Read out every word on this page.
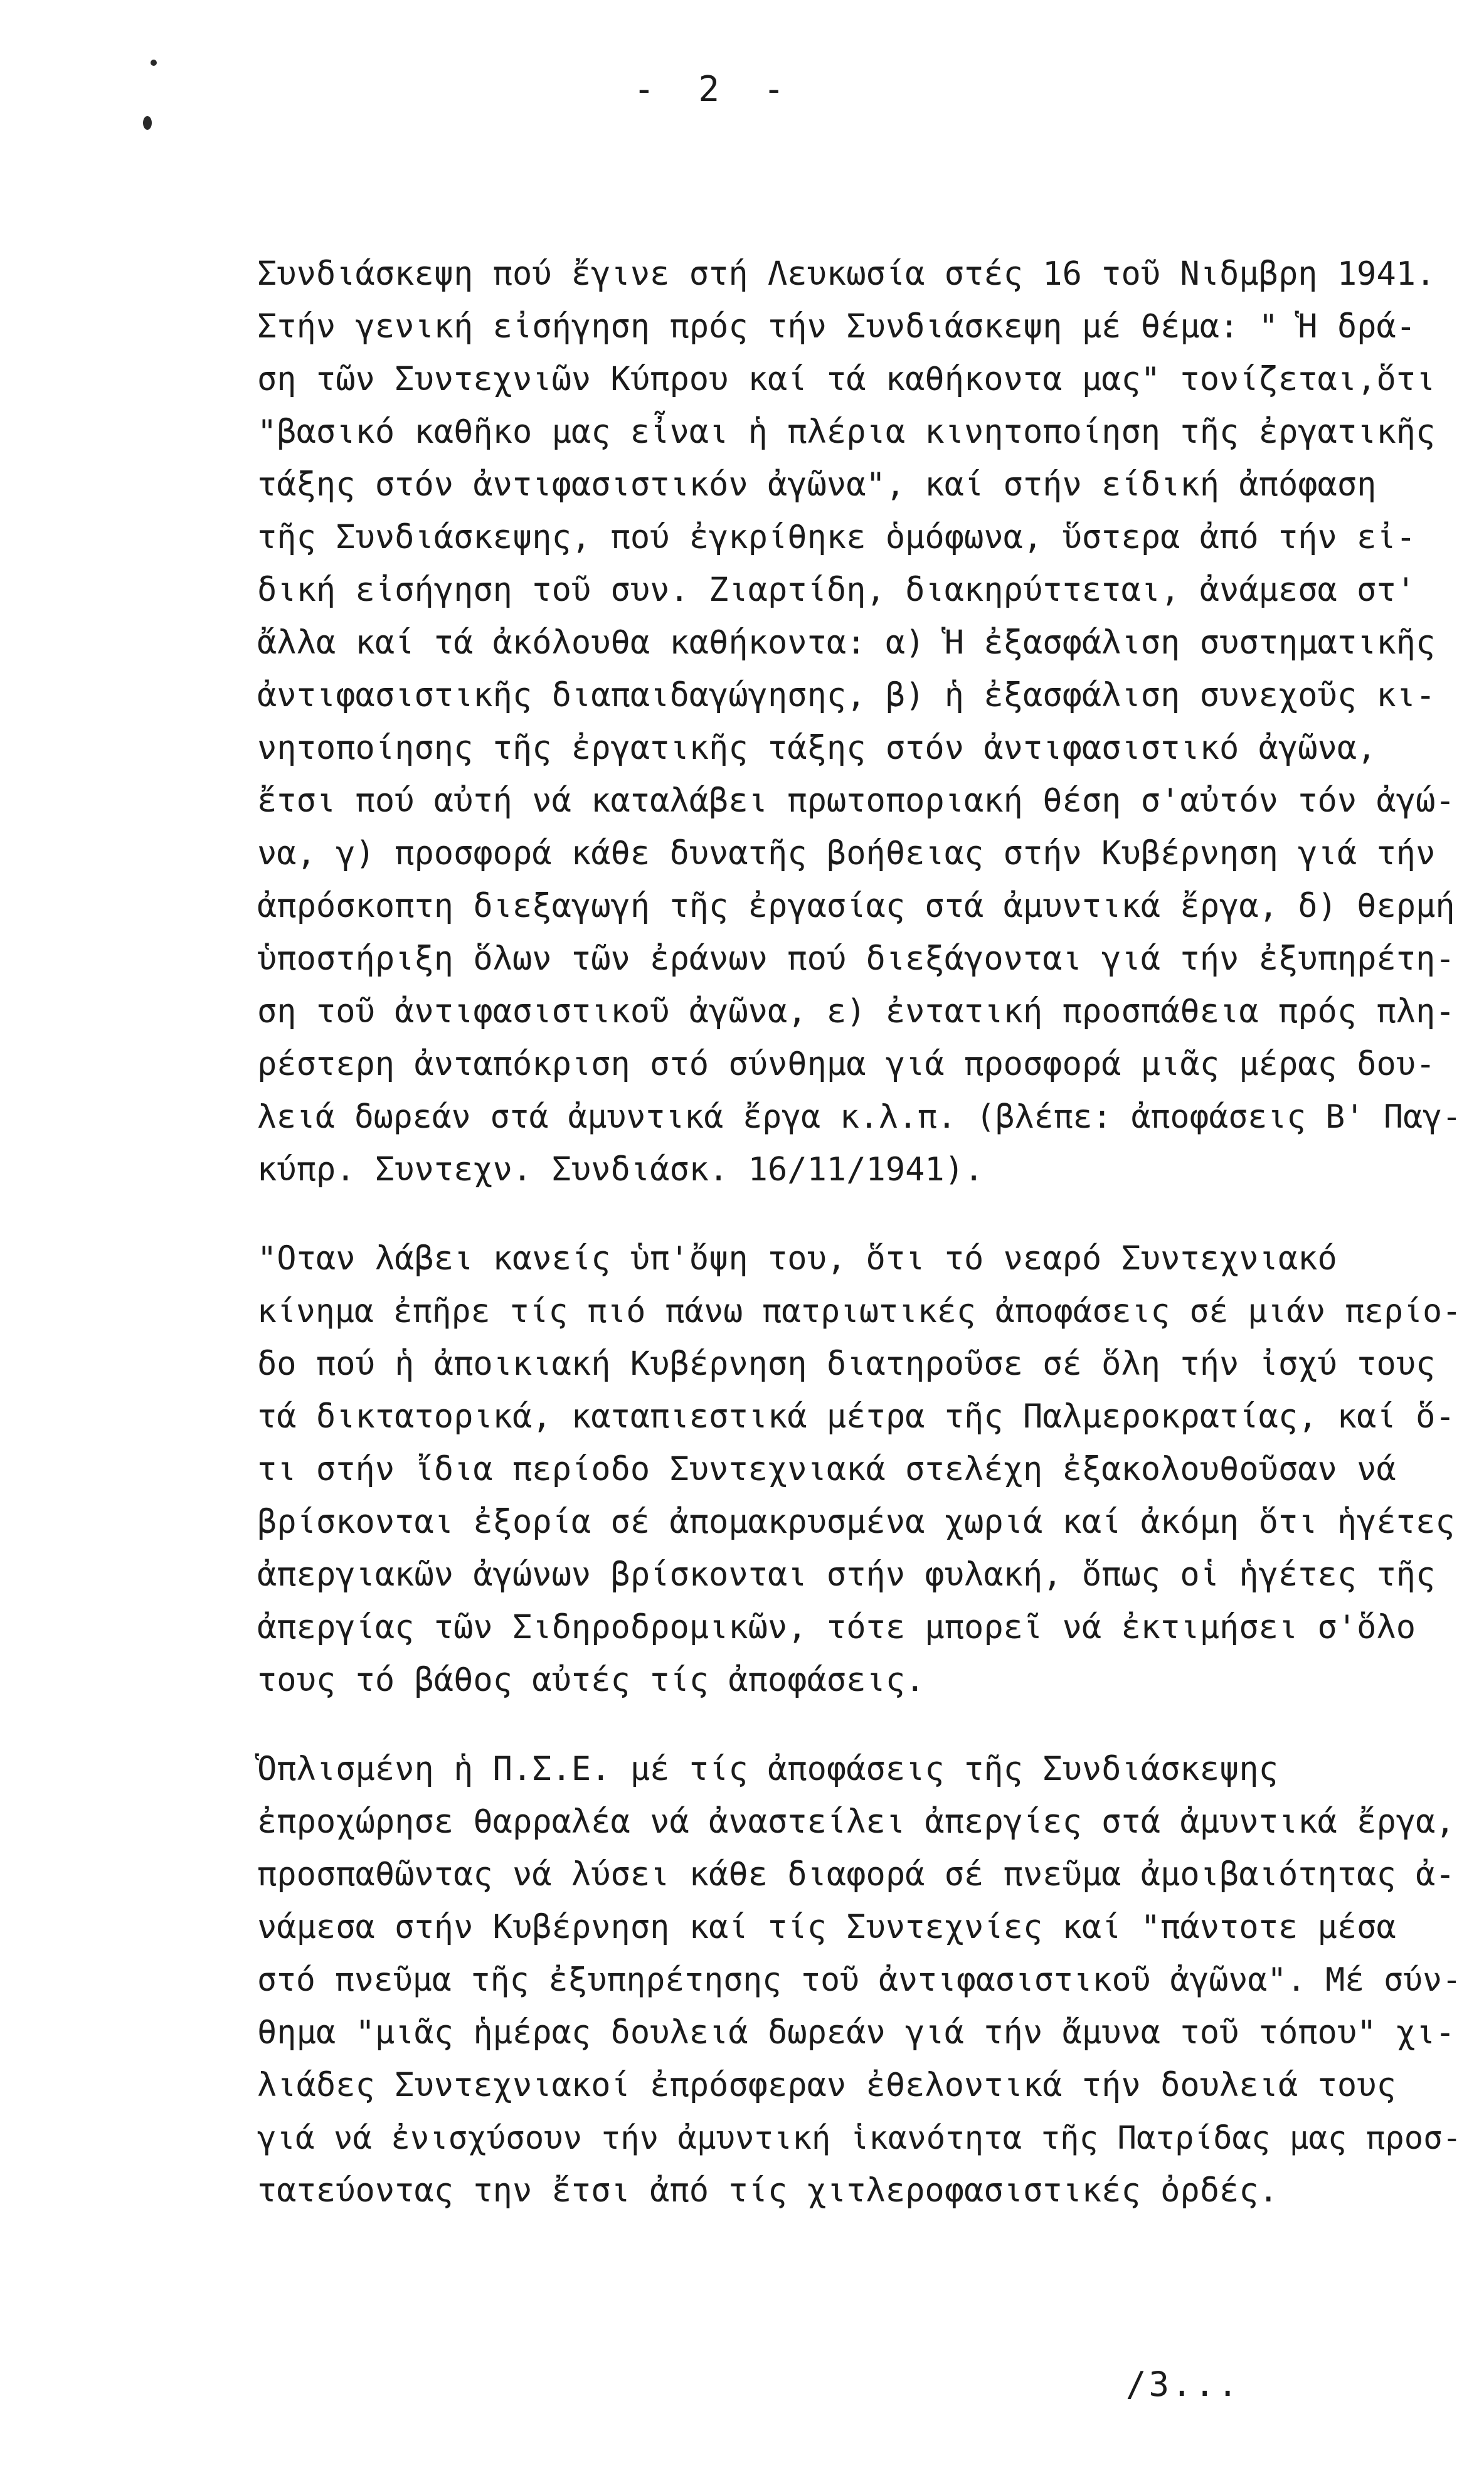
- 2 -

Συνδιάσκεψη πού ἔγινε στή Λευκωσία στές 16 τοῦ Νιδμβρη 1941.
Στήν γενική εἰσήγηση πρός τήν Συνδιάσκεψη μέ θέμα: " Ἡ δρά-
ση τῶν Συντεχνιῶν Κύπρου καί τά καθήκοντα μας" τονίζεται,ὅτι
"βασικό καθῆκο μας εἶναι ἡ πλέρια κινητοποίηση τῆς ἐργατικῆς
τάξης στόν ἀντιφασιστικόν ἀγῶνα", καί στήν είδική ἀπόφαση
τῆς Συνδιάσκεψης, πού ἐγκρίθηκε ὁμόφωνα, ὕστερα ἀπό τήν εἰ-
δική εἰσήγηση τοῦ συν. Ζιαρτίδη, διακηρύττεται, ἀνάμεσα στ'
ἄλλα καί τά ἀκόλουθα καθήκοντα: α) Ἡ ἐξασφάλιση συστηματικῆς
ἀντιφασιστικῆς διαπαιδαγώγησης, β) ἡ ἐξασφάλιση συνεχοῦς κι-
νητοποίησης τῆς ἐργατικῆς τάξης στόν ἀντιφασιστικό ἀγῶνα,
ἔτσι πού αὐτή νά καταλάβει πρωτοποριακή θέση σ'αὐτόν τόν ἀγώ-
να, γ) προσφορά κάθε δυνατῆς βοήθειας στήν Κυβέρνηση γιά τήν
ἀπρόσκοπτη διεξαγωγή τῆς ἐργασίας στά ἀμυντικά ἔργα, δ) θερμή
ὑποστήριξη ὅλων τῶν ἐράνων πού διεξάγονται γιά τήν ἐξυπηρέτη-
ση τοῦ ἀντιφασιστικοῦ ἀγῶνα, ε) ἐντατική προσπάθεια πρός πλη-
ρέστερη ἀνταπόκριση στό σύνθημα γιά προσφορά μιᾶς μέρας δου-
λειά δωρεάν στά ἀμυντικά ἔργα κ.λ.π. (βλέπε: ἀποφάσεις Β' Παγ-
κύπρ. Συντεχν. Συνδιάσκ. 16/11/1941).

"Οταν λάβει κανείς ὑπ'ὄψη του, ὅτι τό νεαρό Συντεχνιακό
κίνημα ἐπῆρε τίς πιό πάνω πατριωτικές ἀποφάσεις σέ μιάν περίο-
δο πού ἡ ἀποικιακή Κυβέρνηση διατηροῦσε σέ ὅλη τήν ἰσχύ τους
τά δικτατορικά, καταπιεστικά μέτρα τῆς Παλμεροκρατίας, καί ὅ-
τι στήν ἴδια περίοδο Συντεχνιακά στελέχη ἐξακολουθοῦσαν νά
βρίσκονται ἐξορία σέ ἀπομακρυσμένα χωριά καί ἀκόμη ὅτι ἡγέτες
ἀπεργιακῶν ἀγώνων βρίσκονται στήν φυλακή, ὅπως οἱ ἡγέτες τῆς
ἀπεργίας τῶν Σιδηροδρομικῶν, τότε μπορεῖ νά ἐκτιμήσει σ'ὅλο
τους τό βάθος αὐτές τίς ἀποφάσεις.

Ὁπλισμένη ἡ Π.Σ.Ε. μέ τίς ἀποφάσεις τῆς Συνδιάσκεψης
ἐπροχώρησε θαρραλέα νά ἀναστείλει ἀπεργίες στά ἀμυντικά ἔργα,
προσπαθῶντας νά λύσει κάθε διαφορά σέ πνεῦμα ἀμοιβαιότητας ἀ-
νάμεσα στήν Κυβέρνηση καί τίς Συντεχνίες καί "πάντοτε μέσα
στό πνεῦμα τῆς ἐξυπηρέτησης τοῦ ἀντιφασιστικοῦ ἀγῶνα". Μέ σύν-
θημα "μιᾶς ἡμέρας δουλειά δωρεάν γιά τήν ἄμυνα τοῦ τόπου" χι-
λιάδες Συντεχνιακοί ἐπρόσφεραν ἐθελοντικά τήν δουλειά τους
γιά νά ἐνισχύσουν τήν ἀμυντική ἱκανότητα τῆς Πατρίδας μας προσ-
τατεύοντας την ἔτσι ἀπό τίς χιτλεροφασιστικές ὀρδές.

/3...
